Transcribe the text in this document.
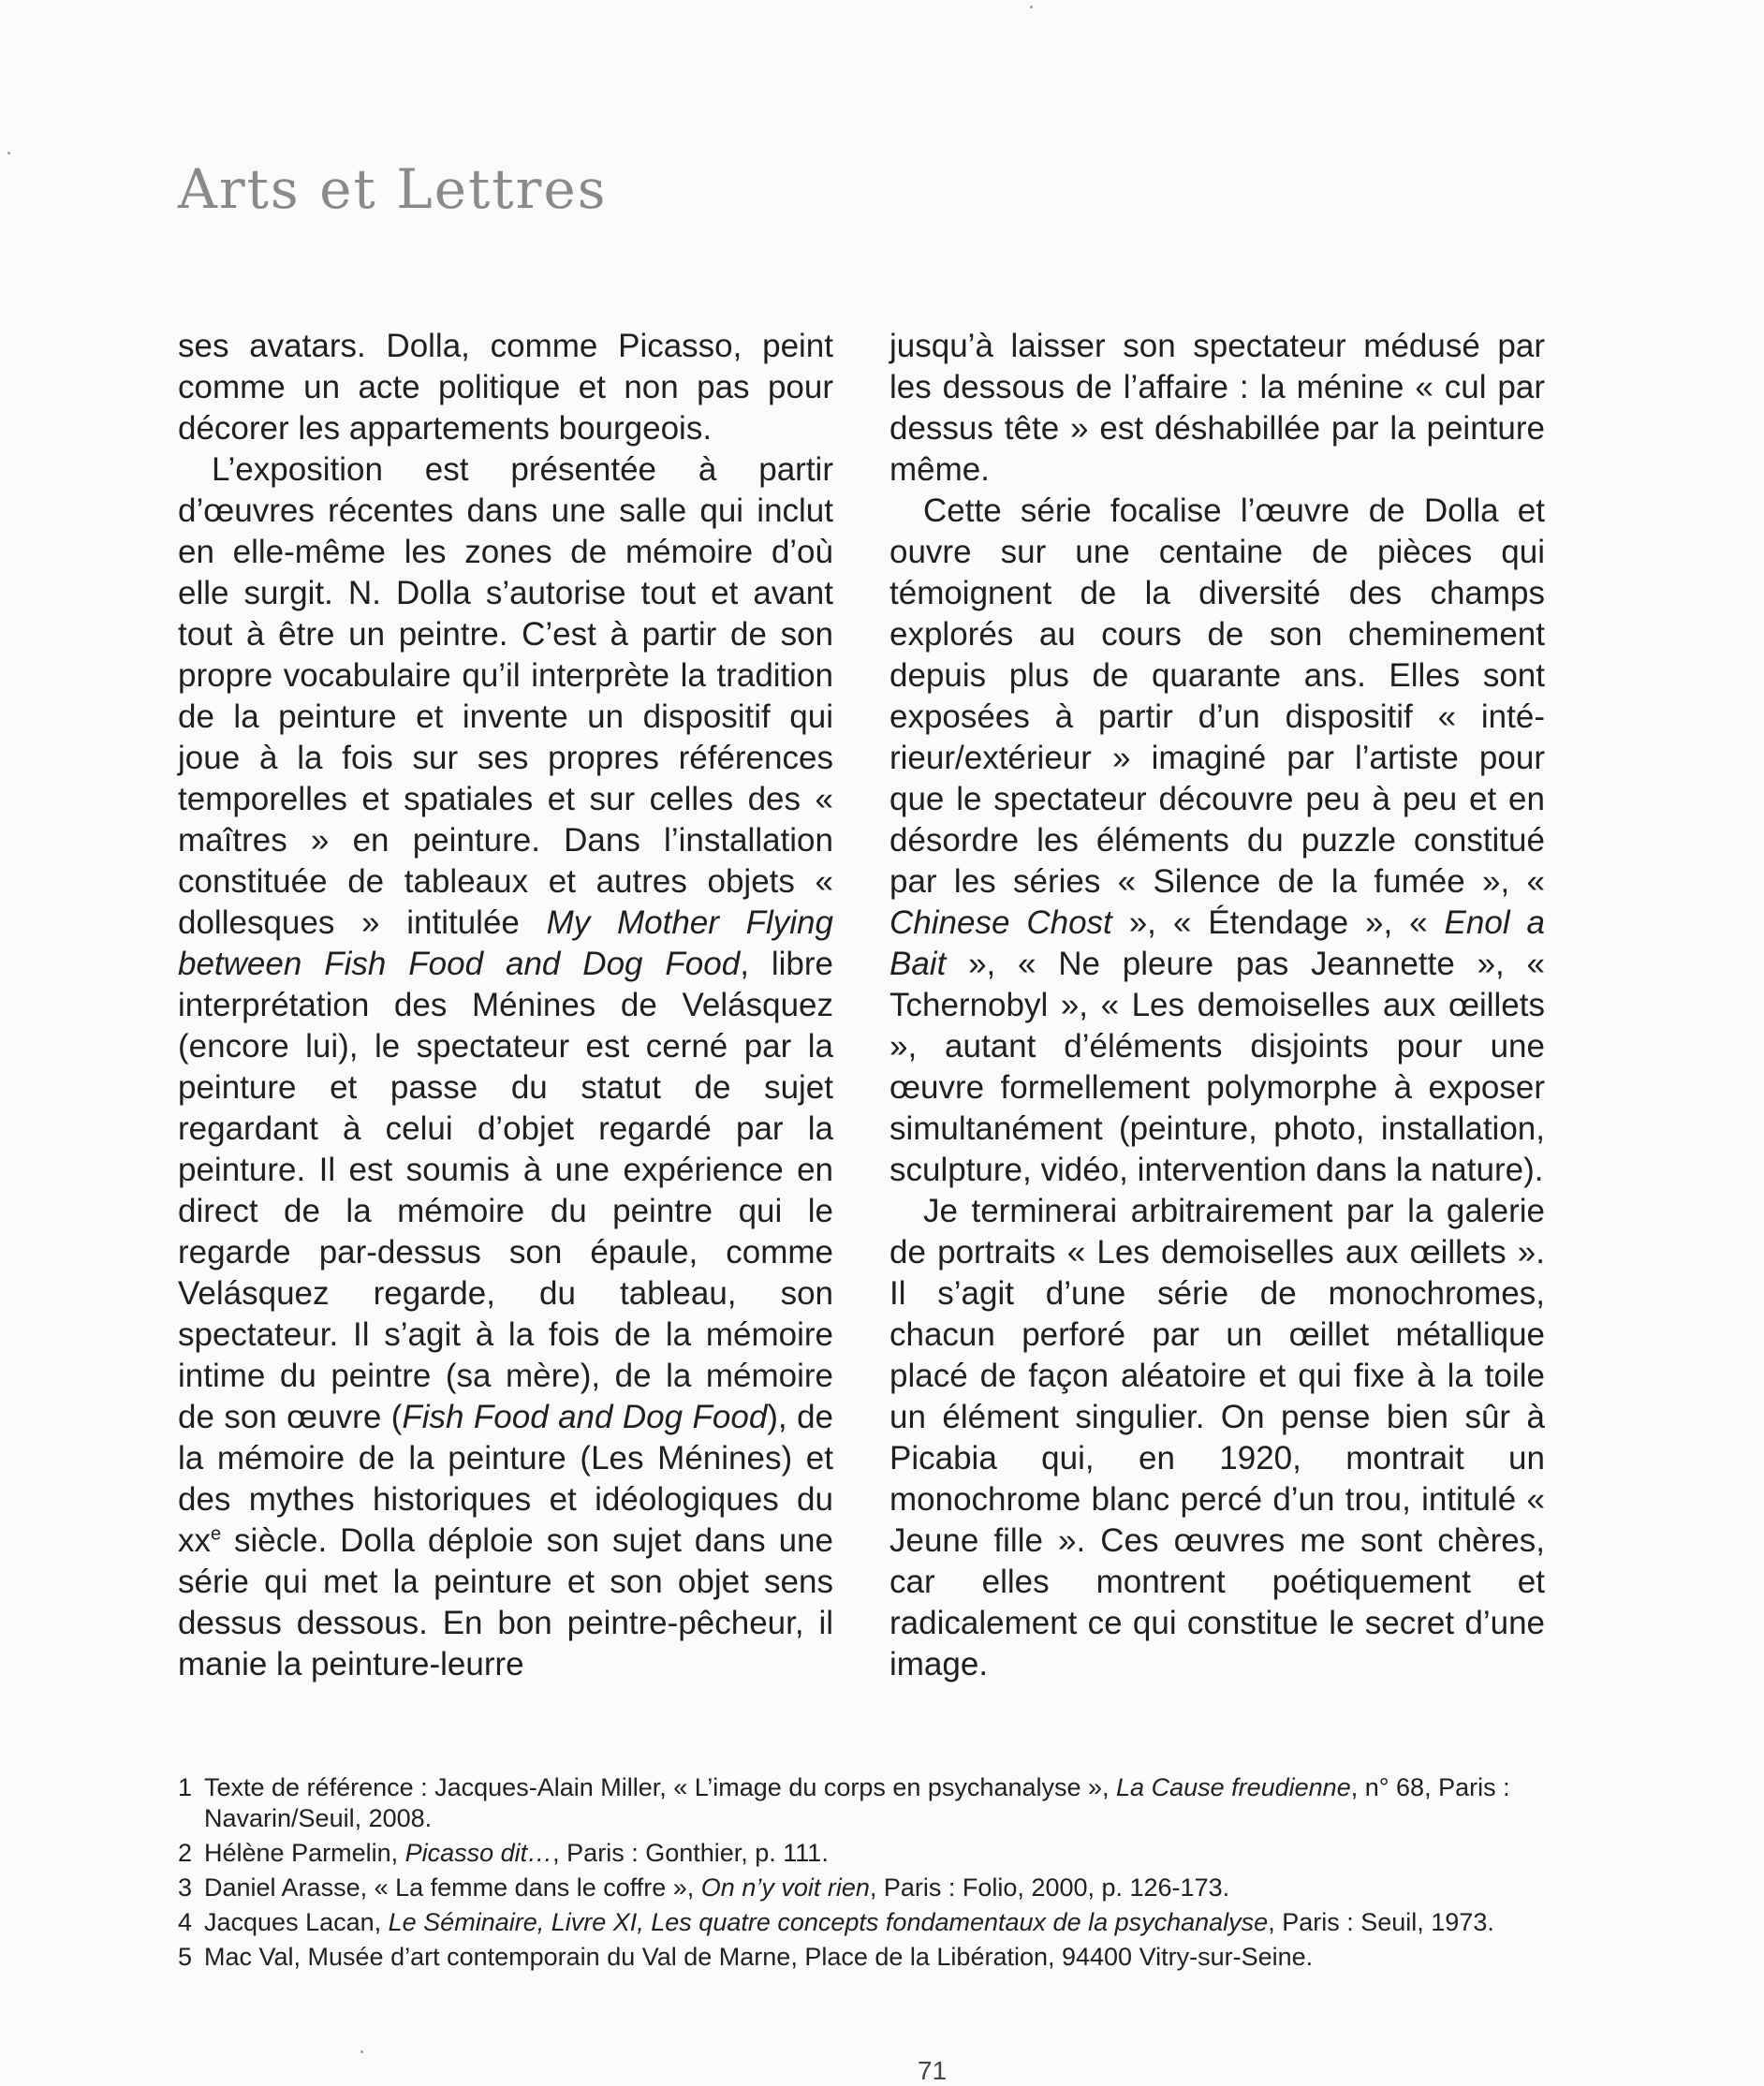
Arts et Lettres

ses avatars. Dolla, comme Picasso, peint comme un acte politique et non pas pour décorer les appartements bourgeois.

L’exposition est présentée à partir d’œuvres récentes dans une salle qui inclut en elle-même les zones de mémoire d’où elle surgit. N. Dolla s’autorise tout et avant tout à être un peintre. C’est à partir de son propre vocabulaire qu’il interprète la tradition de la peinture et invente un dispositif qui joue à la fois sur ses propres références temporelles et spatiales et sur celles des « maîtres » en peinture. Dans l’installation constituée de tableaux et autres objets « dollesques » intitulée My Mother Flying between Fish Food and Dog Food, libre interprétation des Ménines de Velásquez (encore lui), le spectateur est cerné par la peinture et passe du statut de sujet regardant à celui d’objet regardé par la peinture. Il est soumis à une expérience en direct de la mémoire du peintre qui le regarde par-dessus son épaule, comme Velásquez regarde, du tableau, son spectateur. Il s’agit à la fois de la mémoire intime du peintre (sa mère), de la mémoire de son œuvre (Fish Food and Dog Food), de la mémoire de la peinture (Les Ménines) et des mythes historiques et idéologiques du $xx^e$ siècle. Dolla déploie son sujet dans une série qui met la peinture et son objet sens dessus dessous. En bon peintre-pêcheur, il manie la peinture-leurre

jusqu’à laisser son spectateur médusé par les dessous de l’affaire : la ménine « cul par dessus tête » est déshabillée par la peinture même.

Cette série focalise l’œuvre de Dolla et ouvre sur une centaine de pièces qui témoignent de la diversité des champs explorés au cours de son cheminement depuis plus de quarante ans. Elles sont exposées à partir d’un dispositif « intérieur/extérieur » imaginé par l’artiste pour que le spectateur découvre peu à peu et en désordre les éléments du puzzle constitué par les séries « Silence de la fumée », « Chinese Chost », « Étendage », « Enol a Bait », « Ne pleure pas Jeannette », « Tchernobyl », « Les demoiselles aux œillets », autant d’éléments disjoints pour une œuvre formellement polymorphe à exposer simultanément (peinture, photo, installation, sculpture, vidéo, intervention dans la nature).

Je terminerai arbitrairement par la galerie de portraits « Les demoiselles aux œillets ». Il s’agit d’une série de monochromes, chacun perforé par un œillet métallique placé de façon aléatoire et qui fixe à la toile un élément singulier. On pense bien sûr à Picabia qui, en 1920, montrait un monochrome blanc percé d’un trou, intitulé « Jeune fille ». Ces œuvres me sont chères, car elles montrent poétiquement et radicalement ce qui constitue le secret d’une image.

1 Texte de référence : Jacques-Alain Miller, « L’image du corps en psychanalyse », La Cause freudienne, n° 68, Paris : Navarin/Seuil, 2008.

2 Hélène Parmelin, Picasso dit…, Paris : Gonthier, p. 111.

3 Daniel Arasse, « La femme dans le coffre », On n’y voit rien, Paris : Folio, 2000, p. 126-173.

4 Jacques Lacan, Le Séminaire, Livre XI, Les quatre concepts fondamentaux de la psychanalyse, Paris : Seuil, 1973.

5 Mac Val, Musée d’art contemporain du Val de Marne, Place de la Libération, 94400 Vitry-sur-Seine.

71
